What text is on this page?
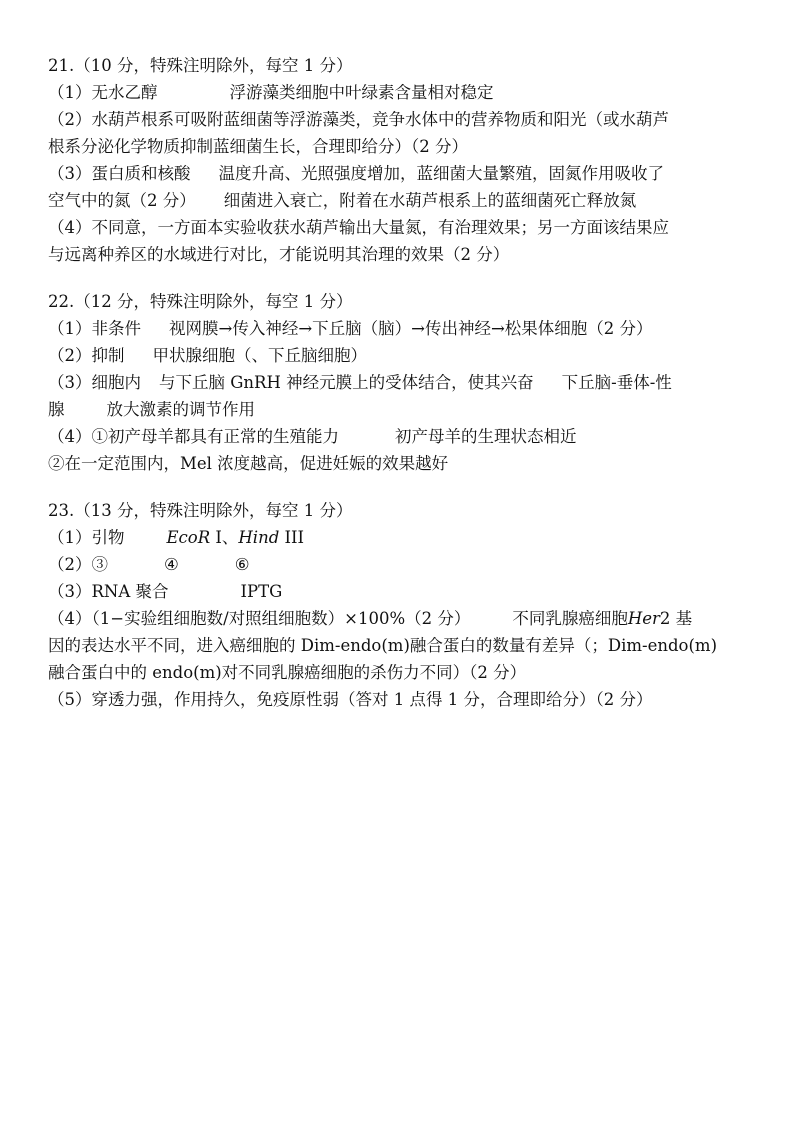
21.（10 分，特殊注明除外，每空 1 分）
（1）无水乙醇	浮游藻类细胞中叶绿素含量相对稳定
（2）水葫芦根系可吸附蓝细菌等浮游藻类，竞争水体中的营养物质和阳光（或水葫芦
根系分泌化学物质抑制蓝细菌生长，合理即给分）（2 分）
（3）蛋白质和核酸 温度升高、光照强度增加，蓝细菌大量繁殖，固氮作用吸收了
空气中的氮（2 分） 细菌进入衰亡，附着在水葫芦根系上的蓝细菌死亡释放氮
（4）不同意，一方面本实验收获水葫芦输出大量氮，有治理效果；另一方面该结果应
与远离种养区的水域进行对比，才能说明其治理的效果（2 分）
22.（12 分，特殊注明除外，每空 1 分）
（1）非条件 视网膜→传入神经→下丘脑（脑）→传出神经→松果体细胞（2 分）
（2）抑制 甲状腺细胞（、下丘脑细胞）
（3）细胞内 与下丘脑 GnRH 神经元膜上的受体结合，使其兴奋 下丘脑-垂体-性
腺	放大激素的调节作用
（4）①初产母羊都具有正常的生殖能力	初产母羊的生理状态相近
②在一定范围内，Mel 浓度越高，促进妊娠的效果越好
23.（13 分，特殊注明除外，每空 1 分）
（1）引物	EcoR I、Hind III
（2）③	④	⑥
（3）RNA 聚合	IPTG
（4）（1−实验组细胞数/对照组细胞数）×100%（2 分）	不同乳腺癌细胞Her2 基
因的表达水平不同，进入癌细胞的 Dim-endo(m)融合蛋白的数量有差异（；Dim-endo(m)
融合蛋白中的 endo(m)对不同乳腺癌细胞的杀伤力不同）（2 分）
（5）穿透力强，作用持久，免疫原性弱（答对 1 点得 1 分，合理即给分）（2 分）
